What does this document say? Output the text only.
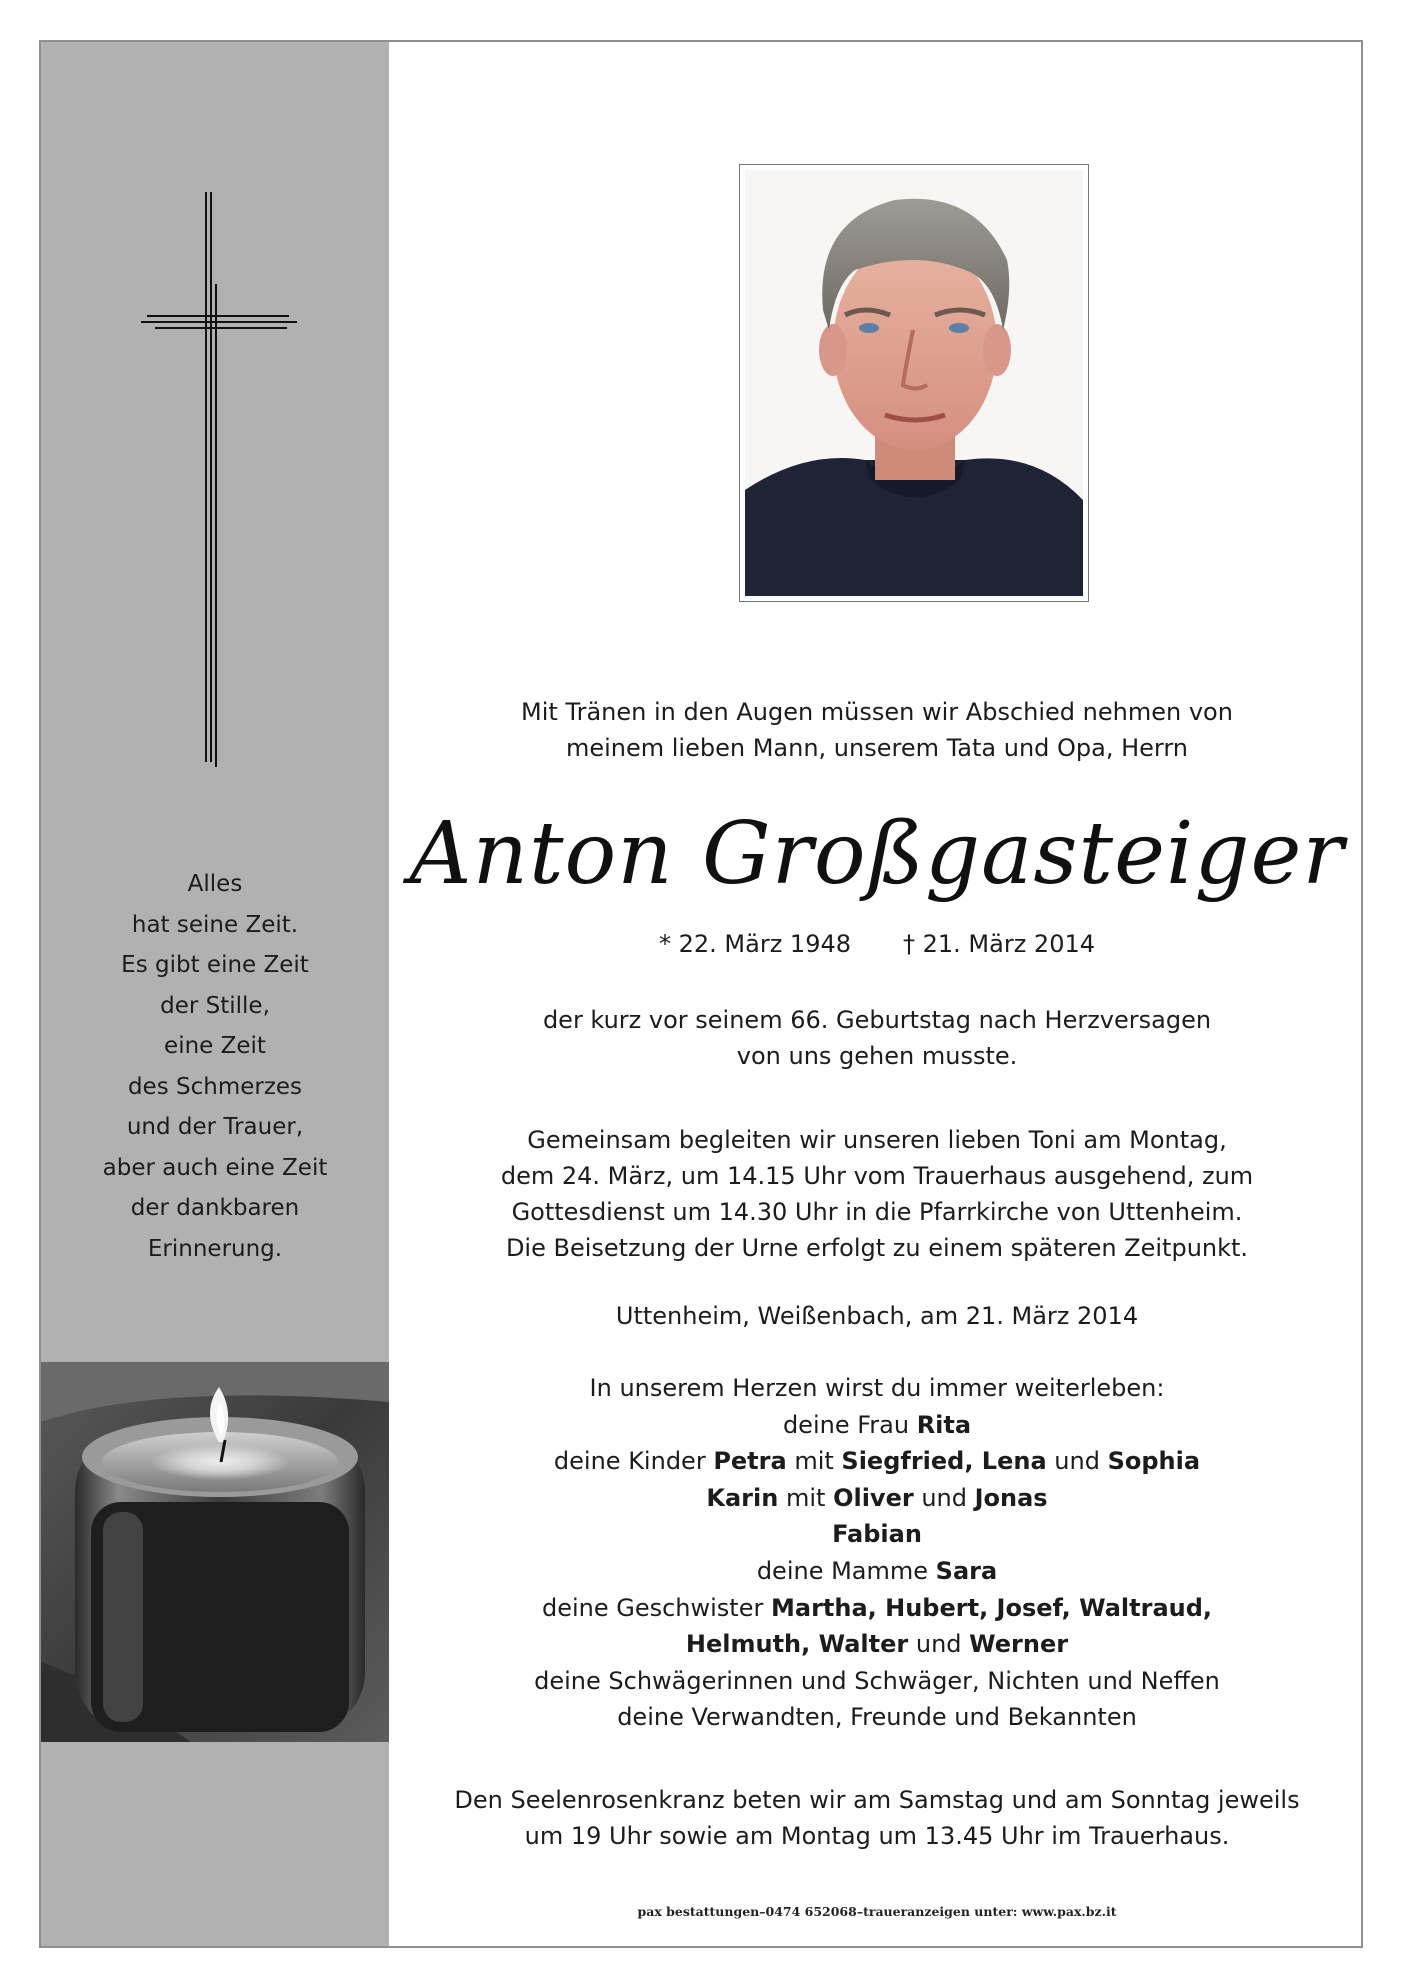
Alles
hat seine Zeit.
Es gibt eine Zeit
der Stille,
eine Zeit
des Schmerzes
und der Trauer,
aber auch eine Zeit
der dankbaren
Erinnerung.
Mit Tränen in den Augen müssen wir Abschied nehmen von
meinem lieben Mann, unserem Tata und Opa, Herrn
Anton Großgasteiger
* 22. März 1948 † 21. März 2014
der kurz vor seinem 66. Geburtstag nach Herzversagen
von uns gehen musste.
Gemeinsam begleiten wir unseren lieben Toni am Montag,
dem 24. März, um 14.15 Uhr vom Trauerhaus ausgehend, zum
Gottesdienst um 14.30 Uhr in die Pfarrkirche von Uttenheim.
Die Beisetzung der Urne erfolgt zu einem späteren Zeitpunkt.
Uttenheim, Weißenbach, am 21. März 2014
In unserem Herzen wirst du immer weiterleben:
deine Frau Rita
deine Kinder Petra mit Siegfried, Lena und Sophia
Karin mit Oliver und Jonas
Fabian
deine Mamme Sara
deine Geschwister Martha, Hubert, Josef, Waltraud,
Helmuth, Walter und Werner
deine Schwägerinnen und Schwäger, Nichten und Neffen
deine Verwandten, Freunde und Bekannten
Den Seelenrosenkranz beten wir am Samstag und am Sonntag jeweils
um 19 Uhr sowie am Montag um 13.45 Uhr im Trauerhaus.
pax bestattungen–0474 652068–traueranzeigen unter: www.pax.bz.it
